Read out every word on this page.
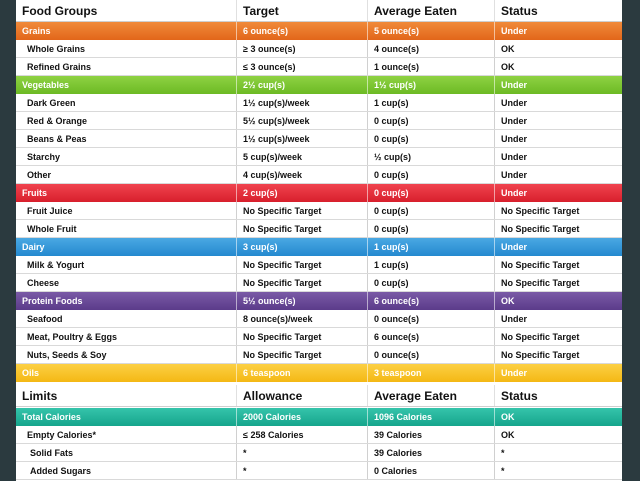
Food Groups	Target	Average Eaten	Status
Grains	6 ounce(s)	5 ounce(s)	Under
Whole Grains	≥ 3 ounce(s)	4 ounce(s)	OK
Refined Grains	≤ 3 ounce(s)	1 ounce(s)	OK
Vegetables	2½ cup(s)	1½ cup(s)	Under
Dark Green	1½ cup(s)/week	1 cup(s)	Under
Red & Orange	5½ cup(s)/week	0 cup(s)	Under
Beans & Peas	1½ cup(s)/week	0 cup(s)	Under
Starchy	5 cup(s)/week	½ cup(s)	Under
Other	4 cup(s)/week	0 cup(s)	Under
Fruits	2 cup(s)	0 cup(s)	Under
Fruit Juice	No Specific Target	0 cup(s)	No Specific Target
Whole Fruit	No Specific Target	0 cup(s)	No Specific Target
Dairy	3 cup(s)	1 cup(s)	Under
Milk & Yogurt	No Specific Target	1 cup(s)	No Specific Target
Cheese	No Specific Target	0 cup(s)	No Specific Target
Protein Foods	5½ ounce(s)	6 ounce(s)	OK
Seafood	8 ounce(s)/week	0 ounce(s)	Under
Meat, Poultry & Eggs	No Specific Target	6 ounce(s)	No Specific Target
Nuts, Seeds & Soy	No Specific Target	0 ounce(s)	No Specific Target
Oils	6 teaspoon	3 teaspoon	Under
Limits	Allowance	Average Eaten	Status
Total Calories	2000 Calories	1096 Calories	OK
Empty Calories*	≤ 258 Calories	39 Calories	OK
Solid Fats	*	39 Calories	*
Added Sugars	*	0 Calories	*
